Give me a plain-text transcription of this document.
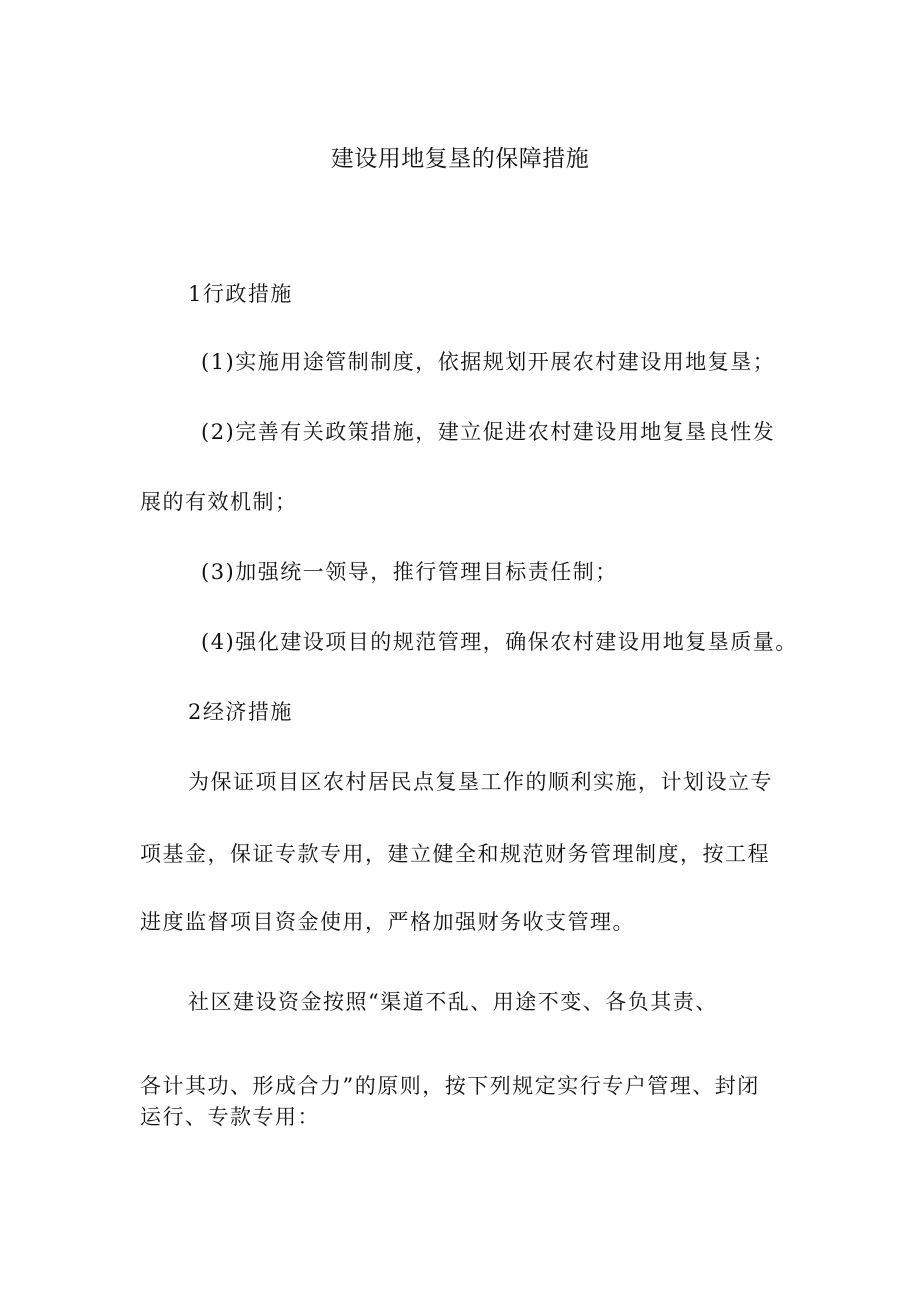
建设用地复垦的保障措施
1行政措施
(1)实施用途管制制度，依据规划开展农村建设用地复垦；
(2)完善有关政策措施，建立促进农村建设用地复垦良性发
展的有效机制；
(3)加强统一领导，推行管理目标责任制；
(4)强化建设项目的规范管理，确保农村建设用地复垦质量。
2经济措施
为保证项目区农村居民点复垦工作的顺利实施，计划设立专
项基金，保证专款专用，建立健全和规范财务管理制度，按工程
进度监督项目资金使用，严格加强财务收支管理。
社区建设资金按照“渠道不乱、用途不变、各负其责、
各计其功、形成合力”的原则，按下列规定实行专户管理、封闭
运行、专款专用：
